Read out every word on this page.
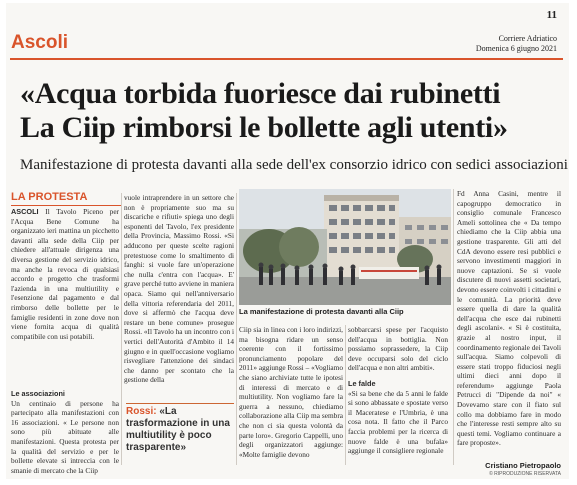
11
Ascoli	Corriere Adriatico
Domenica 6 giugno 2021
«Acqua torbida fuoriesce dai rubinetti
La Ciip rimborsi le bollette agli utenti»
Manifestazione di protesta davanti alla sede dell'ex consorzio idrico con sedici associazioni
LA PROTESTA

ASCOLI Il Tavolo Piceno per l'Acqua Bene Comune ha organizzato ieri mattina un picchetto davanti alla sede della Ciip per chiedere all'attuale dirigenza una diversa gestione del servizio idrico, ma anche la revoca di qualsiasi accordo e progetto che trasformi l'azienda in una multiutility e l'esenzione dal pagamento e dal rimborso delle bollette per le famiglie residenti in zone dove non viene fornita acqua di qualità compatibile con usi potabili.

Le associazioni

Un centinaio di persone ha partecipato alla manifestazioni con 16 associazioni. « Le persone non sono più abituate alle manifestazioni. Questa protesta per la qualità del servizio e per le bollette elevate si intreccia con le smanie di mercato che la Ciip

vuole intraprendere in un settore che non è propriamente suo ma su discariche e rifiuti» spiega uno degli esponenti del Tavolo, l'ex presidente della Provincia, Massimo Rossi. «Si adducono per queste scelte ragioni pretestuose come lo smaltimento di fanghi: si vuole fare un'operazione che nulla c'entra con l'acqua». E' grave perché tutto avviene in maniera opaca. Siamo qui nell'anniversario della vittoria referendaria del 2011, dove si affermò che l'acqua deve restare un bene comune» prosegue Rossi. «Il Tavolo ha un incontro con i vertici dell'Autorità d'Ambito il 14 giugno e in quell'occasione vogliamo risvegliare l'attenzione dei sindaci che danno per scontato che la gestione della

Rossi: «La trasformazione in una multiutility è poco trasparente»
La manifestazione di protesta davanti alla Ciip

Ciip sia in linea con i loro indirizzi, ma bisogna ridare un senso coerente con il fortissimo pronunciamento popolare del 2011» aggiunge Rossi – «Vogliamo che siano archiviate tutte le ipotesi di interessi di mercato e di multiutility. Non vogliamo fare la guerra a nessuno, chiediamo collaborazione alla Ciip ma sembra che non ci sia questa volontà da parte loro». Gregorio Cappelli, uno degli organizzatori aggiunge: «Molte famiglie devono

sobbarcarsi spese per l'acquisto dell'acqua in bottiglia. Non possiamo soprassedere, la Ciip deve occuparsi solo del ciclo dell'acqua e non altri ambiti».

Le falde

«Si sa bene che da 5 anni le falde si sono abbassate e spostate verso il Maceratese e l'Umbria, è una cosa nota. Il fatto che il Parco faccia problemi per la ricerca di nuove falde è una bufala» aggiunge il consigliere regionale

Fd Anna Casini, mentre il capogruppo democratico in consiglio comunale Francesco Ameli sottolinea che « Da tempo chiediamo che la Ciip abbia una gestione trasparente. Gli atti del CdA devono essere resi pubblici e servono investimenti maggiori in nuove captazioni. Se si vuole discutere di nuovi assetti societari, devono essere coinvolti i cittadini e le comunità. La priorità deve essere quella di dare la qualità dell'acqua che esce dai rubinetti degli ascolani». « Si è costituita, grazie al nostro input, il coordinamento regionale dei Tavoli sull'acqua. Siamo colpevoli di essere stati troppo fiduciosi negli ultimi dieci anni dopo il referendum» aggiunge Paola Petrucci di "Dipende da noi" « Dovevamo stare con il fiato sul collo ma dobbiamo fare in modo che l'interesse resti sempre alto su questi temi. Vogliamo continuare a fare proposte».

Cristiano Pietropaolo
© RIPRODUZIONE RISERVATA
